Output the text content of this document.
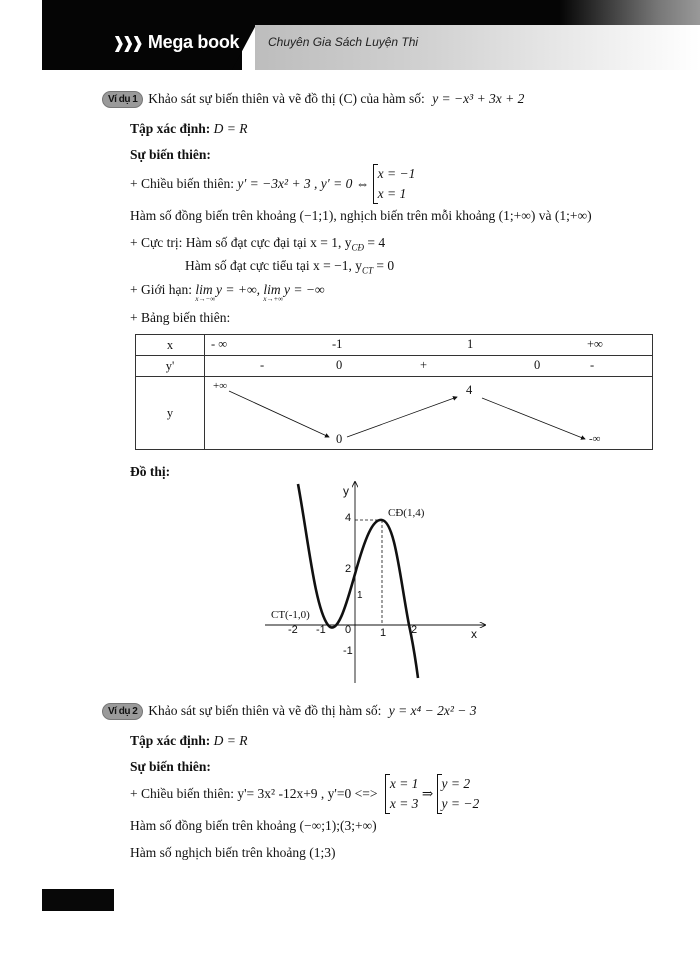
❱❱❱ Mega book Chuyên Gia Sách Luyện Thi
Ví dụ 1 Khảo sát sự biến thiên và vẽ đồ thị (C) của hàm số: y = −x³ + 3x + 2
Tập xác định: D = R
Sự biến thiên:
+ Chiều biến thiên: y′ = −3x² + 3 , y′ = 0 ⇔
x = −1
x = 1
Hàm số đồng biến trên khoảng (−1;1), nghịch biến trên mỗi khoảng (1;+∞) và (1;+∞)
+ Cực trị: Hàm số đạt cực đại tại x = 1, $y_{CĐ} = 4$
Hàm số đạt cực tiểu tại x = −1, $y_{CT} = 0$
+ Giới hạn: lim y = +∞,
x→−∞
lim y = −∞
x→+∞
+ Bảng biến thiên:
x	- ∞ -1 1 +∞

y'	- 0 + 0 -

y	+∞
0
4
-∞
Đồ thị:
y
x
-2 -1 0	1 2
4
2
1
-1
CĐ(1,4)
CT(-1,0)
Ví dụ 2 Khảo sát sự biến thiên và vẽ đồ thị hàm số: y = x⁴ − 2x² − 3
Tập xác định: D = R
Sự biến thiên:
+ Chiều biến thiên: y'= 3x² -12x+9 , y'=0 <=>
x = 1
x = 3
⇒
y = 2
y = −2
Hàm số đồng biến trên khoảng (−∞;1);(3;+∞)
Hàm số nghịch biến trên khoảng (1;3)
